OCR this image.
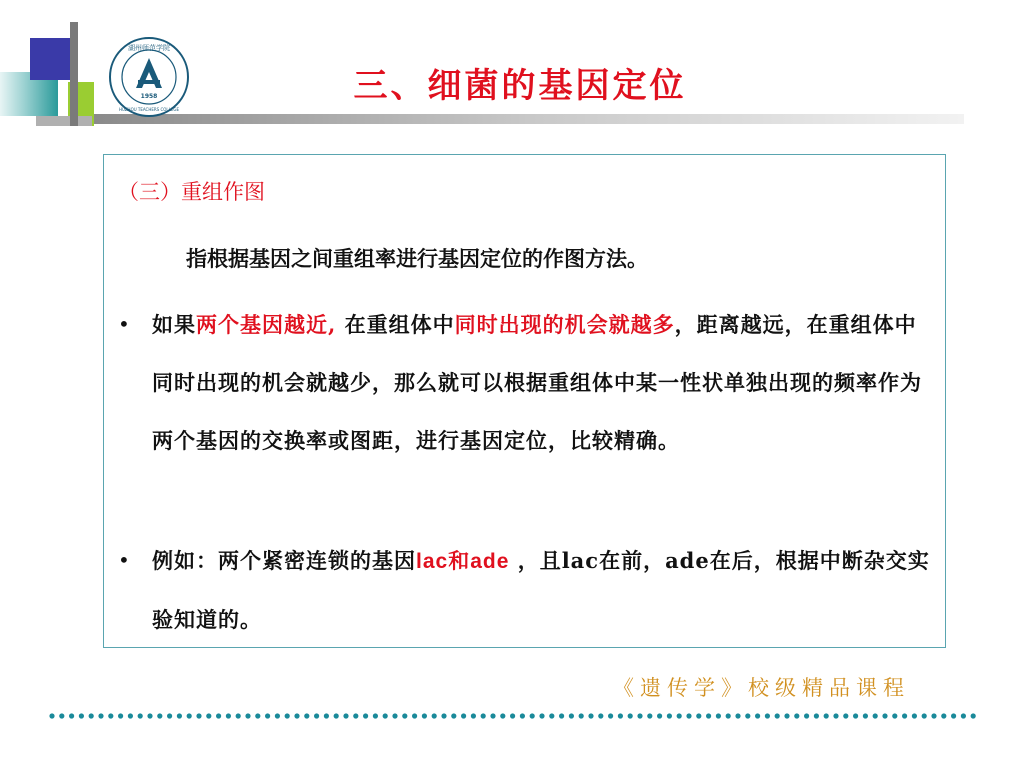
湖州师范学院
1958
HUZHOU TEACHERS COLLEGE
三、细菌的基因定位
（三）重组作图
指根据基因之间重组率进行基因定位的作图方法。
• 如果两个基因越近, 在重组体中同时出现的机会就越多，距离越远，在重组体中同时出现的机会就越少，那么就可以根据重组体中某一性状单独出现的频率作为两个基因的交换率或图距，进行基因定位，比较精确。
• 例如：两个紧密连锁的基因lac和ade ，且lac在前，ade在后，根据中断杂交实验知道的。
《遗传学》校级精品课程
